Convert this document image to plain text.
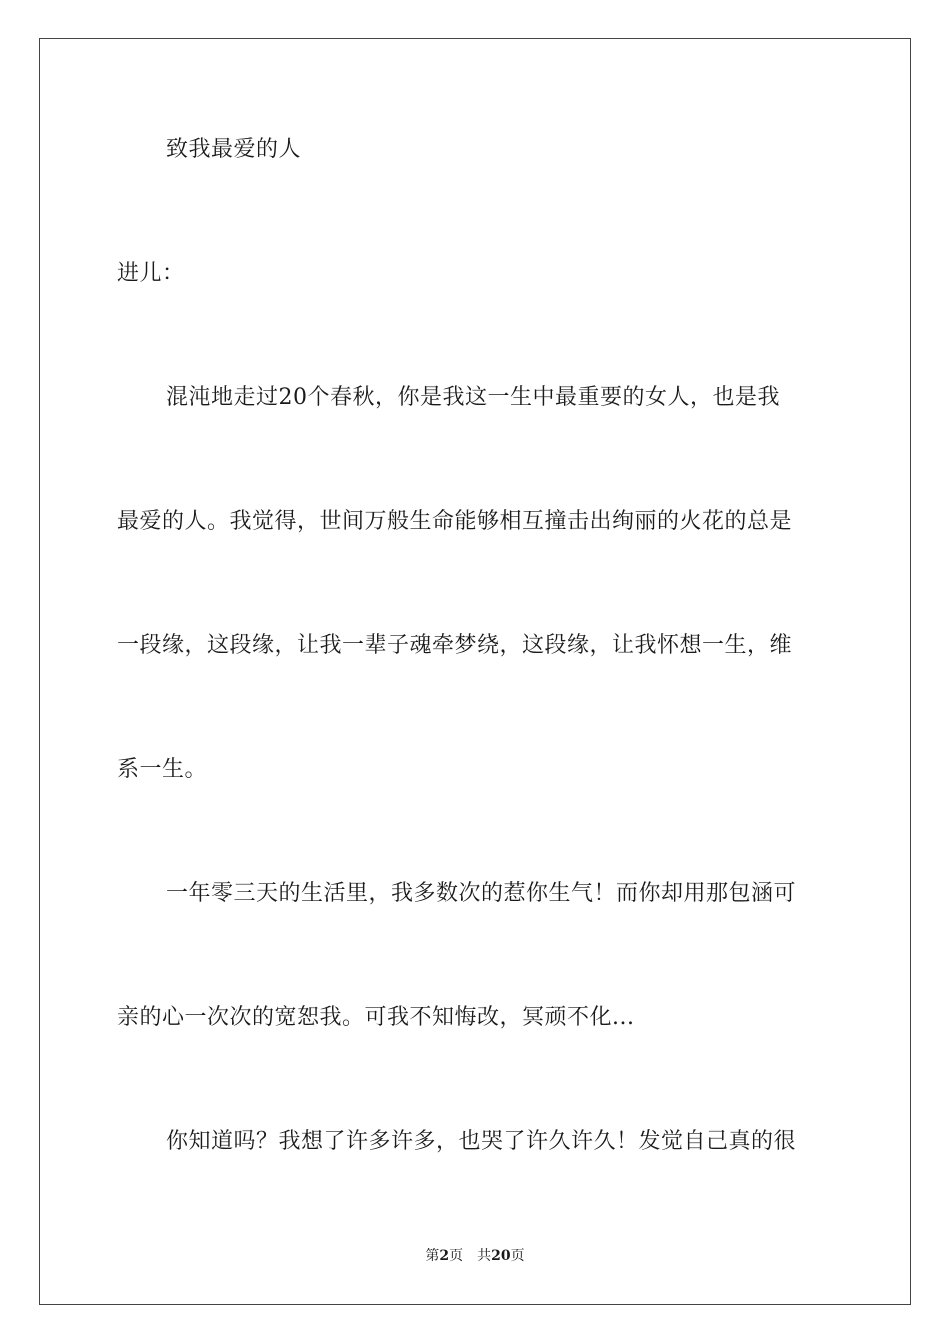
致我最爱的人
进儿：
混沌地走过20个春秋，你是我这一生中最重要的女人，也是我
最爱的人。我觉得，世间万般生命能够相互撞击出绚丽的火花的总是
一段缘，这段缘，让我一辈子魂牵梦绕，这段缘，让我怀想一生，维
系一生。
一年零三天的生活里，我多数次的惹你生气！而你却用那包涵可
亲的心一次次的宽恕我。可我不知悔改，冥顽不化...
你知道吗？我想了许多许多，也哭了许久许久！发觉自己真的很
第2页 共20页
